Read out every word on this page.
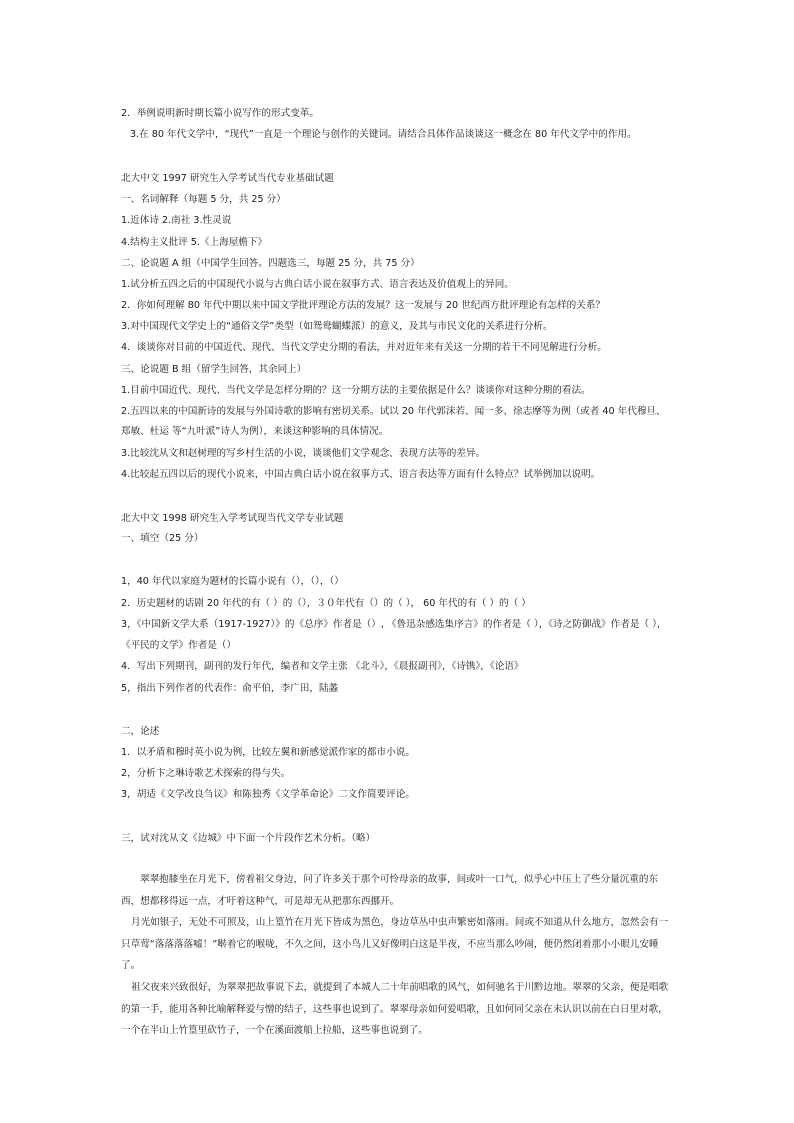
2．举例说明新时期长篇小说写作的形式变革。
3.在 80 年代文学中，“现代”一直是一个理论与创作的关键词。请结合具体作品谈谈这一概念在 80 年代文学中的作用。
北大中文 1997 研究生入学考试当代专业基础试题
一、名词解释（每题 5 分，共 25 分）
1.近体诗 2.南社 3.性灵说
4.结构主义批评 5.《上海屋檐下》
二、论说题 A 组（中国学生回答。四题选三，每题 25 分，共 75 分）
1.试分析五四之后的中国现代小说与古典白话小说在叙事方式、语言表达及价值观上的异同。
2．你如何理解 80 年代中期以来中国文学批评理论方法的发展？这一发展与 20 世纪西方批评理论有怎样的关系？
3.对中国现代文学史上的“通俗文学”类型（如鸳鸯蝴蝶派）的意义，及其与市民文化的关系进行分析。
4．谈谈你对目前的中国近代、现代、当代文学史分期的看法，并对近年来有关这一分期的若干不同见解进行分析。
三、论说题 B 组（留学生回答，其余同上）
1.目前中国近代、现代、当代文学是怎样分期的？这一分期方法的主要依据是什么？谈谈你对这种分期的看法。
2.五四以来的中国新诗的发展与外国诗歌的影响有密切关系。试以 20 年代郭沫若、闻一多、徐志摩等为例（或者 40 年代穆旦、
郑敏、杜运 等“九叶派”诗人为例），来谈这种影响的具体情况。
3.比较沈从文和赵树理的写乡村生活的小说，谈谈他们文学观念、表现方法等的差异。
4.比较起五四以后的现代小说来，中国古典白话小说在叙事方式、语言表达等方面有什么特点？试举例加以说明。
北大中文 1998 研究生入学考试现当代文学专业试题
一、填空（25 分）
1，40 年代以家庭为题材的长篇小说有（），（），（）
2．历史题材的话剧 20 年代的有（ ）的（），３０年代有（）的（ ）， 60 年代的有（ ）的（ ）
3，《中国新文学大系（1917-1927）》的《总序》作者是（）, 《鲁迅杂感选集序言》的作者是（ ），《诗之防御战》作者是（ ），
《平民的文学》作者是（）
4．写出下列期刊，副刊的发行年代，编者和文学主张 《北斗》，《晨报副刊》，《诗镌》，《论语》
5，指出下列作者的代表作：俞平伯，李广田，陆蠡
二，论述
1．以矛盾和穆时英小说为例，比较左翼和新感觉派作家的都市小说。
2，分析卞之琳诗歌艺术探索的得与失。
3，胡适《文学改良刍议》和陈独秀《文学革命论》二文作简要评论。
三，试对沈从文《边城》中下面一个片段作艺术分析。（略）
翠翠抱膝坐在月光下，傍着祖父身边，问了许多关于那个可怜母亲的故事，间或叶一口气，似乎心中压上了些分量沉重的东西，想都移得远一点，才吁着这种气，可是却无从把那东西挪开。
月光如银子，无处不可照及，山上篁竹在月光下皆成为黑色，身边草丛中虫声繁密如落雨。间或不知道从什么地方，忽然会有一只草莺“落落落落嘘！”啭着它的喉咙，不久之间，这小鸟儿又好像明白这是半夜，不应当那么吵闹，便仍然闭着那小小眼儿安睡了。
祖父夜来兴致很好，为翠翠把故事说下去，就提到了本城人二十年前唱歌的风气，如何驰名于川黔边地。翠翠的父亲，便是唱歌的第一手，能用各种比喻解释爱与憎的结子，这些事也说到了。翠翠母亲如何爱唱歌，且如何同父亲在未认识以前在白日里对歌，一个在半山上竹篁里砍竹子，一个在溪面渡船上拉船，这些事也说到了。
